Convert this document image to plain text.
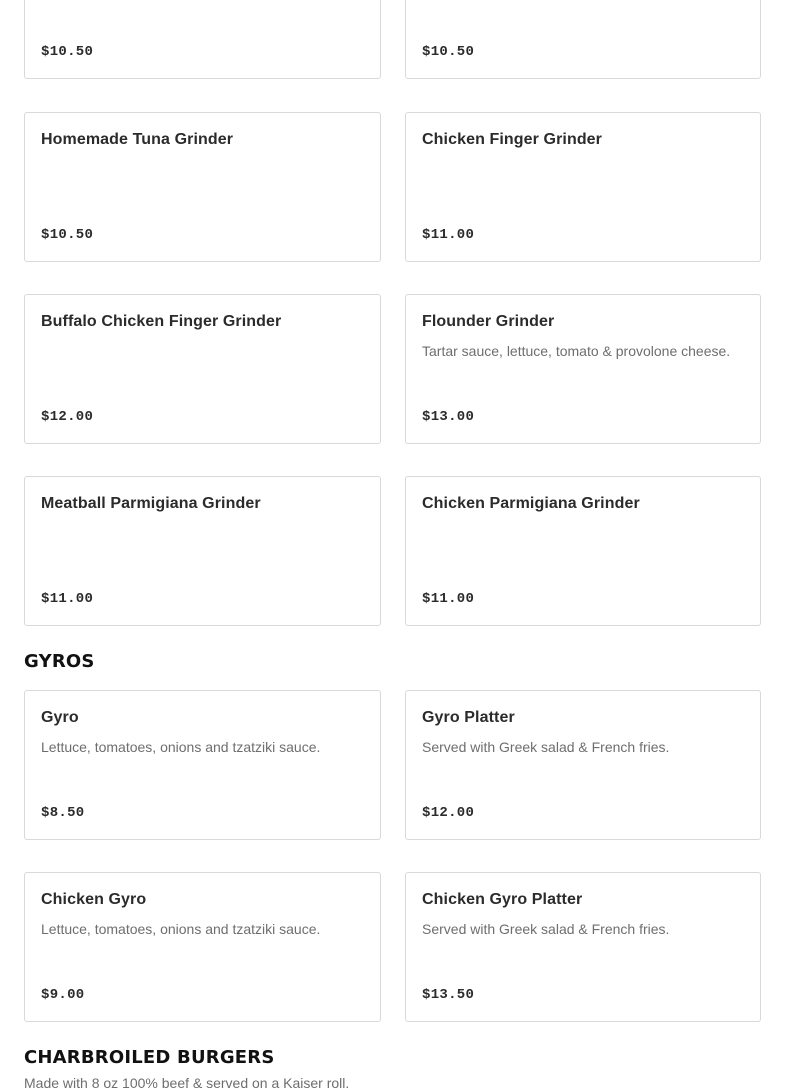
$10.50	$10.50
Homemade Tuna Grinder
$10.50
Chicken Finger Grinder
$11.00
Buffalo Chicken Finger Grinder
$12.00
Flounder Grinder
Tartar sauce, lettuce, tomato & provolone cheese.
$13.00
Meatball Parmigiana Grinder
$11.00
Chicken Parmigiana Grinder
$11.00
GYROS
Gyro
Lettuce, tomatoes, onions and tzatziki sauce.
$8.50
Gyro Platter
Served with Greek salad & French fries.
$12.00
Chicken Gyro
Lettuce, tomatoes, onions and tzatziki sauce.
$9.00
Chicken Gyro Platter
Served with Greek salad & French fries.
$13.50
CHARBROILED BURGERS
Made with 8 oz 100% beef & served on a Kaiser roll.
